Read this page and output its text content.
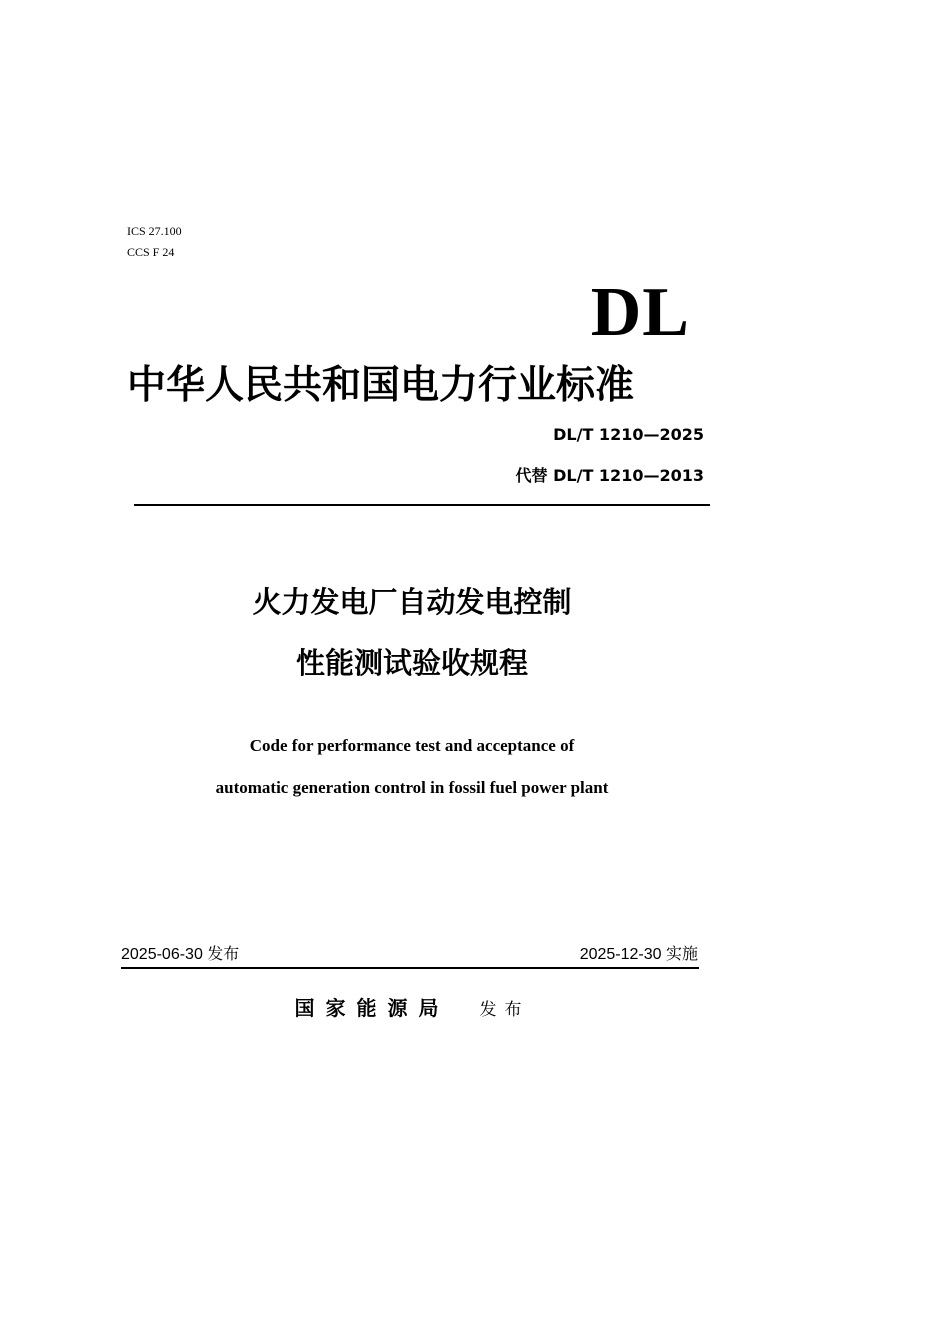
ICS 27.100
CCS F 24
DL
中华人民共和国电力行业标准
DL/T 1210—2025
代替 DL/T 1210—2013
火力发电厂自动发电控制
性能测试验收规程
Code for performance test and acceptance of
automatic generation control in fossil fuel power plant
2025-06-30 发布	2025-12-30 实施
国家能源局 发布
